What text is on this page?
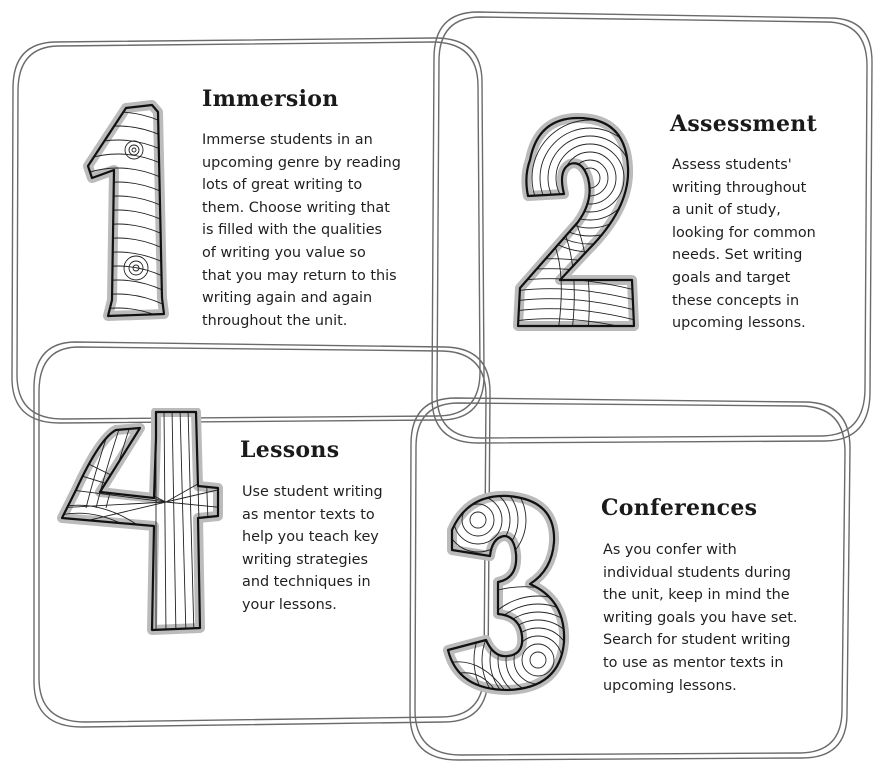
Immersion
Immerse students in an
upcoming genre by reading
lots of great writing to
them. Choose writing that
is filled with the qualities
of writing you value so
that you may return to this
writing again and again
throughout the unit.
Assessment
Assess students'
writing throughout
a unit of study,
looking for common
needs. Set writing
goals and target
these concepts in
upcoming lessons.
Lessons
Use student writing
as mentor texts to
help you teach key
writing strategies
and techniques in
your lessons.
Conferences
As you confer with
individual students during
the unit, keep in mind the
writing goals you have set.
Search for student writing
to use as mentor texts in
upcoming lessons.
